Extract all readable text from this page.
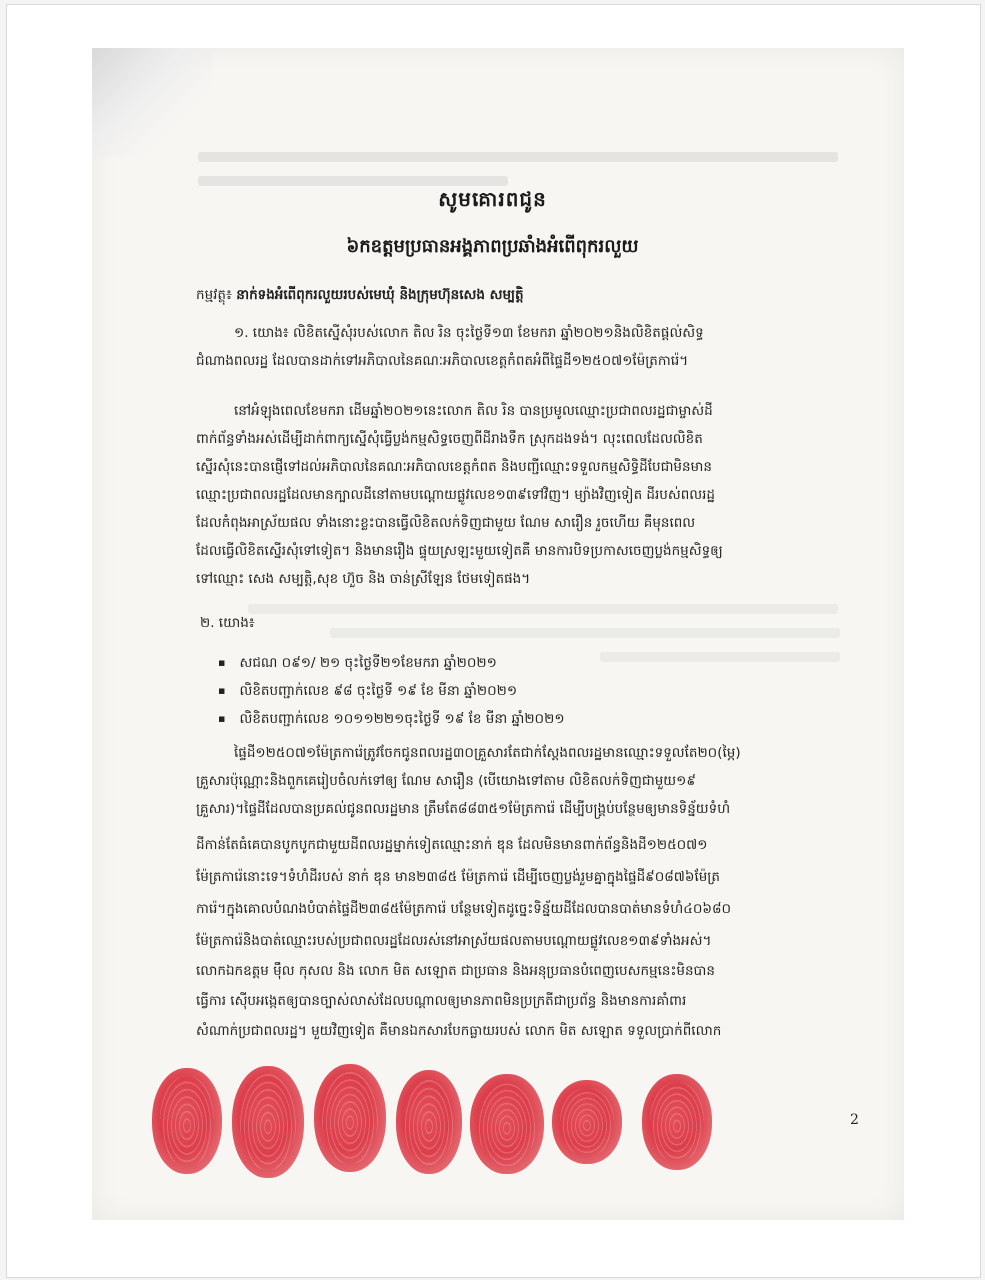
សូមគោរពជូន
៦កឧត្តមប្រធានអង្គភាពប្រឆាំងអំពើពុករលួយ
កម្មវត្ថុ៖ នាក់ទងអំពើពុករលួយរបស់មេឃុំ និងក្រុមហ៊ុនសេង សម្បត្តិ
១. យោង៖ លិខិតស្នើសុំរបស់លោក តិល រិន ចុះថ្ងៃទី១៣ ខែមករា ឆ្នាំ២០២១និងលិខិតផ្តល់សិទ្ធ
ជំណាងពលរដ្ឋ ដែលបានដាក់ទៅអភិបាលនៃគណៈអភិបាលខេត្តកំពតអំពីផ្ទៃដី១២៥០៧១ម៉ែត្រការ៉េ។
នៅអំឡុងពេលខែមករា ដើមឆ្នាំ២០២១នេះលោក តិល រិន បានប្រមូលឈ្មោះប្រជាពលរដ្ឋជាម្ចាស់ដី
ពាក់ព័ន្ធទាំងអស់ដើម្បីដាក់ពាក្យស្នើសុំធ្វើប្លង់កម្មសិទ្ធចេញពីដីរាងទឹក ស្រុកដងទង់។ លុះពេលដែលលិខិត
ស្នើរសុំនេះបានផ្ញើទៅដល់អភិបាលនៃគណៈអភិបាលខេត្តកំពត និងបញ្ជីឈ្មោះទទួលកម្មសិទ្ធិដីបែជាមិនមាន
ឈ្មោះប្រជាពលរដ្ឋដែលមានក្បាលដីនៅតាមបណ្តោយផ្លូវលេខ១៣៩ទៅវិញ។ ម្យ៉ាងវិញទៀត ដីរបស់ពលរដ្ឋ
ដែលកំពុងអាស្រ័យផល ទាំងនោះខ្លះបានធ្វើលិខិតលក់ទិញជាមួយ ណែម សារឿន រួចហើយ គឺមុនពេល
ដែលធ្វើលិខិតស្នើរសុំទៅទៀត។ និងមានរឿង ផ្ទុយស្រឡះមួយទៀតគឺ មានការបិទប្រកាសចេញប្លង់កម្មសិទ្ធឲ្យ
ទៅឈ្មោះ សេង សម្បត្តិ,សុខ ហ៊ួច និង ចាន់ស្រីឡែន ថែមទៀតផង។
២. យោង៖
▪ សជណ ០៩១/ ២១ ចុះថ្ងៃទី២១ខែមករា ឆ្នាំ២០២១
▪ លិខិតបញ្ជាក់លេខ ៩៨ ចុះថ្ងៃទី ១៩ ខែ មីនា ឆ្នាំ២០២១
▪ លិខិតបញ្ជាក់លេខ ១០១១២២១ចុះថ្ងៃទី ១៩ ខែ មីនា ឆ្នាំ២០២១
ផ្ទៃដី១២៥០៧១ម៉ែត្រការ៉េត្រូវចែកជូនពលរដ្ឋ៣០គ្រួសារតែជាក់ស្តែងពលរដ្ឋមានឈ្មោះទទួលតែ២០(ម្ភៃ)
គ្រួសារប៉ុណ្ណោះនិងពួកគេរៀបចំលក់ទៅឲ្យ ណែម សារឿន (បើយោងទៅតាម លិខិតលក់ទិញជាមួយ១៩
គ្រួសារ)។ផ្ទៃដីដែលបានប្រគល់ជូនពលរដ្ឋមាន ត្រឹមតែ៨៨៣៥១ម៉ែត្រការ៉េ ដើម្បីបង្គ្រប់បន្ថែមឲ្យមានទិន្ន័យទំហំ
ដីកាន់តែធំគេបានបូកបូកជាមួយដីពលរដ្ឋម្នាក់ទៀតឈ្មោះនាក់ ឌុន ដែលមិនមានពាក់ព័ន្ធនិងដី១២៥០៧១
ម៉ែត្រការ៉េនោះទេ។ទំហំដីរបស់ នាក់ ឌុន មាន២៣៨៥ ម៉ែត្រការ៉េ ដើម្បីចេញប្លង់រួមគ្នាក្នុងផ្ទៃដី៩០៨៧៦ម៉ែត្រ
ការ៉េ។ក្នុងគោលបំណងបំបាត់ផ្ទៃដី២៣៨៥ម៉ែត្រការ៉េ បន្ថែមទៀតដូច្នេះទិន្ន័យដីដែលបានបាត់មានទំហំ៤០៦៨០
ម៉ែត្រការ៉េនិងបាត់ឈ្មោះរបស់ប្រជាពលរដ្ឋដែលរស់នៅអាស្រ័យផលតាមបណ្តោយផ្លូវលេខ១៣៩ទាំងអស់។
លោកឯកឧត្តម ម៉ឹល កុសល និង លោក មិត សឡោត ជាប្រធាន និងអនុប្រធានបំពេញបេសកម្មនេះមិនបាន
ធ្វើការ ស៊ើបអង្កេតឲ្យបានច្បាស់លាស់ដែលបណ្តាលឲ្យមានភាពមិនប្រក្រតីជាប្រព័ន្ធ និងមានការគាំពារ
សំណាក់ប្រជាពលរដ្ឋ។ មួយវិញទៀត គឺមានឯកសារបែកធ្លាយរបស់ លោក មិត សឡោត ទទួលប្រាក់ពីលោក
2
